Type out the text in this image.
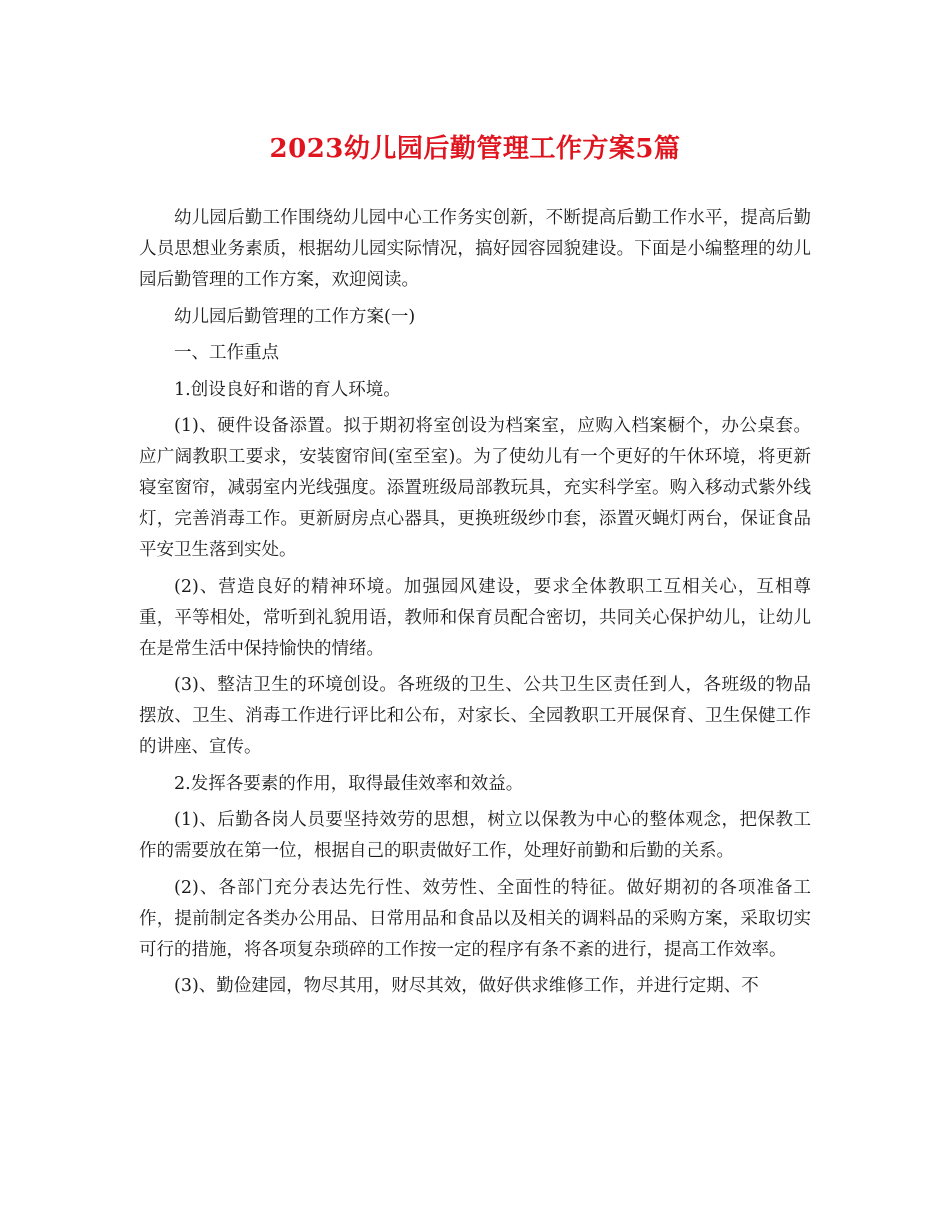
2023幼儿园后勤管理工作方案5篇

幼儿园后勤工作围绕幼儿园中心工作务实创新，不断提高后勤工作水平，提高后勤人员思想业务素质，根据幼儿园实际情况，搞好园容园貌建设。下面是小编整理的幼儿园后勤管理的工作方案，欢迎阅读。

幼儿园后勤管理的工作方案(一)

一、工作重点

1.创设良好和谐的育人环境。

(1)、硬件设备添置。拟于期初将室创设为档案室，应购入档案橱个，办公桌套。应广阔教职工要求，安装窗帘间(室至室)。为了使幼儿有一个更好的午休环境，将更新寝室窗帘，减弱室内光线强度。添置班级局部教玩具，充实科学室。购入移动式紫外线灯，完善消毒工作。更新厨房点心器具，更换班级纱巾套，添置灭蝇灯两台，保证食品平安卫生落到实处。

(2)、营造良好的精神环境。加强园风建设，要求全体教职工互相关心，互相尊重，平等相处，常听到礼貌用语，教师和保育员配合密切，共同关心保护幼儿，让幼儿在是常生活中保持愉快的情绪。

(3)、整洁卫生的环境创设。各班级的卫生、公共卫生区责任到人，各班级的物品摆放、卫生、消毒工作进行评比和公布，对家长、全园教职工开展保育、卫生保健工作的讲座、宣传。

2.发挥各要素的作用，取得最佳效率和效益。

(1)、后勤各岗人员要坚持效劳的思想，树立以保教为中心的整体观念，把保教工作的需要放在第一位，根据自己的职责做好工作，处理好前勤和后勤的关系。

(2)、各部门充分表达先行性、效劳性、全面性的特征。做好期初的各项准备工作，提前制定各类办公用品、日常用品和食品以及相关的调料品的采购方案，采取切实可行的措施，将各项复杂琐碎的工作按一定的程序有条不紊的进行，提高工作效率。

(3)、勤俭建园，物尽其用，财尽其效，做好供求维修工作，并进行定期、不
